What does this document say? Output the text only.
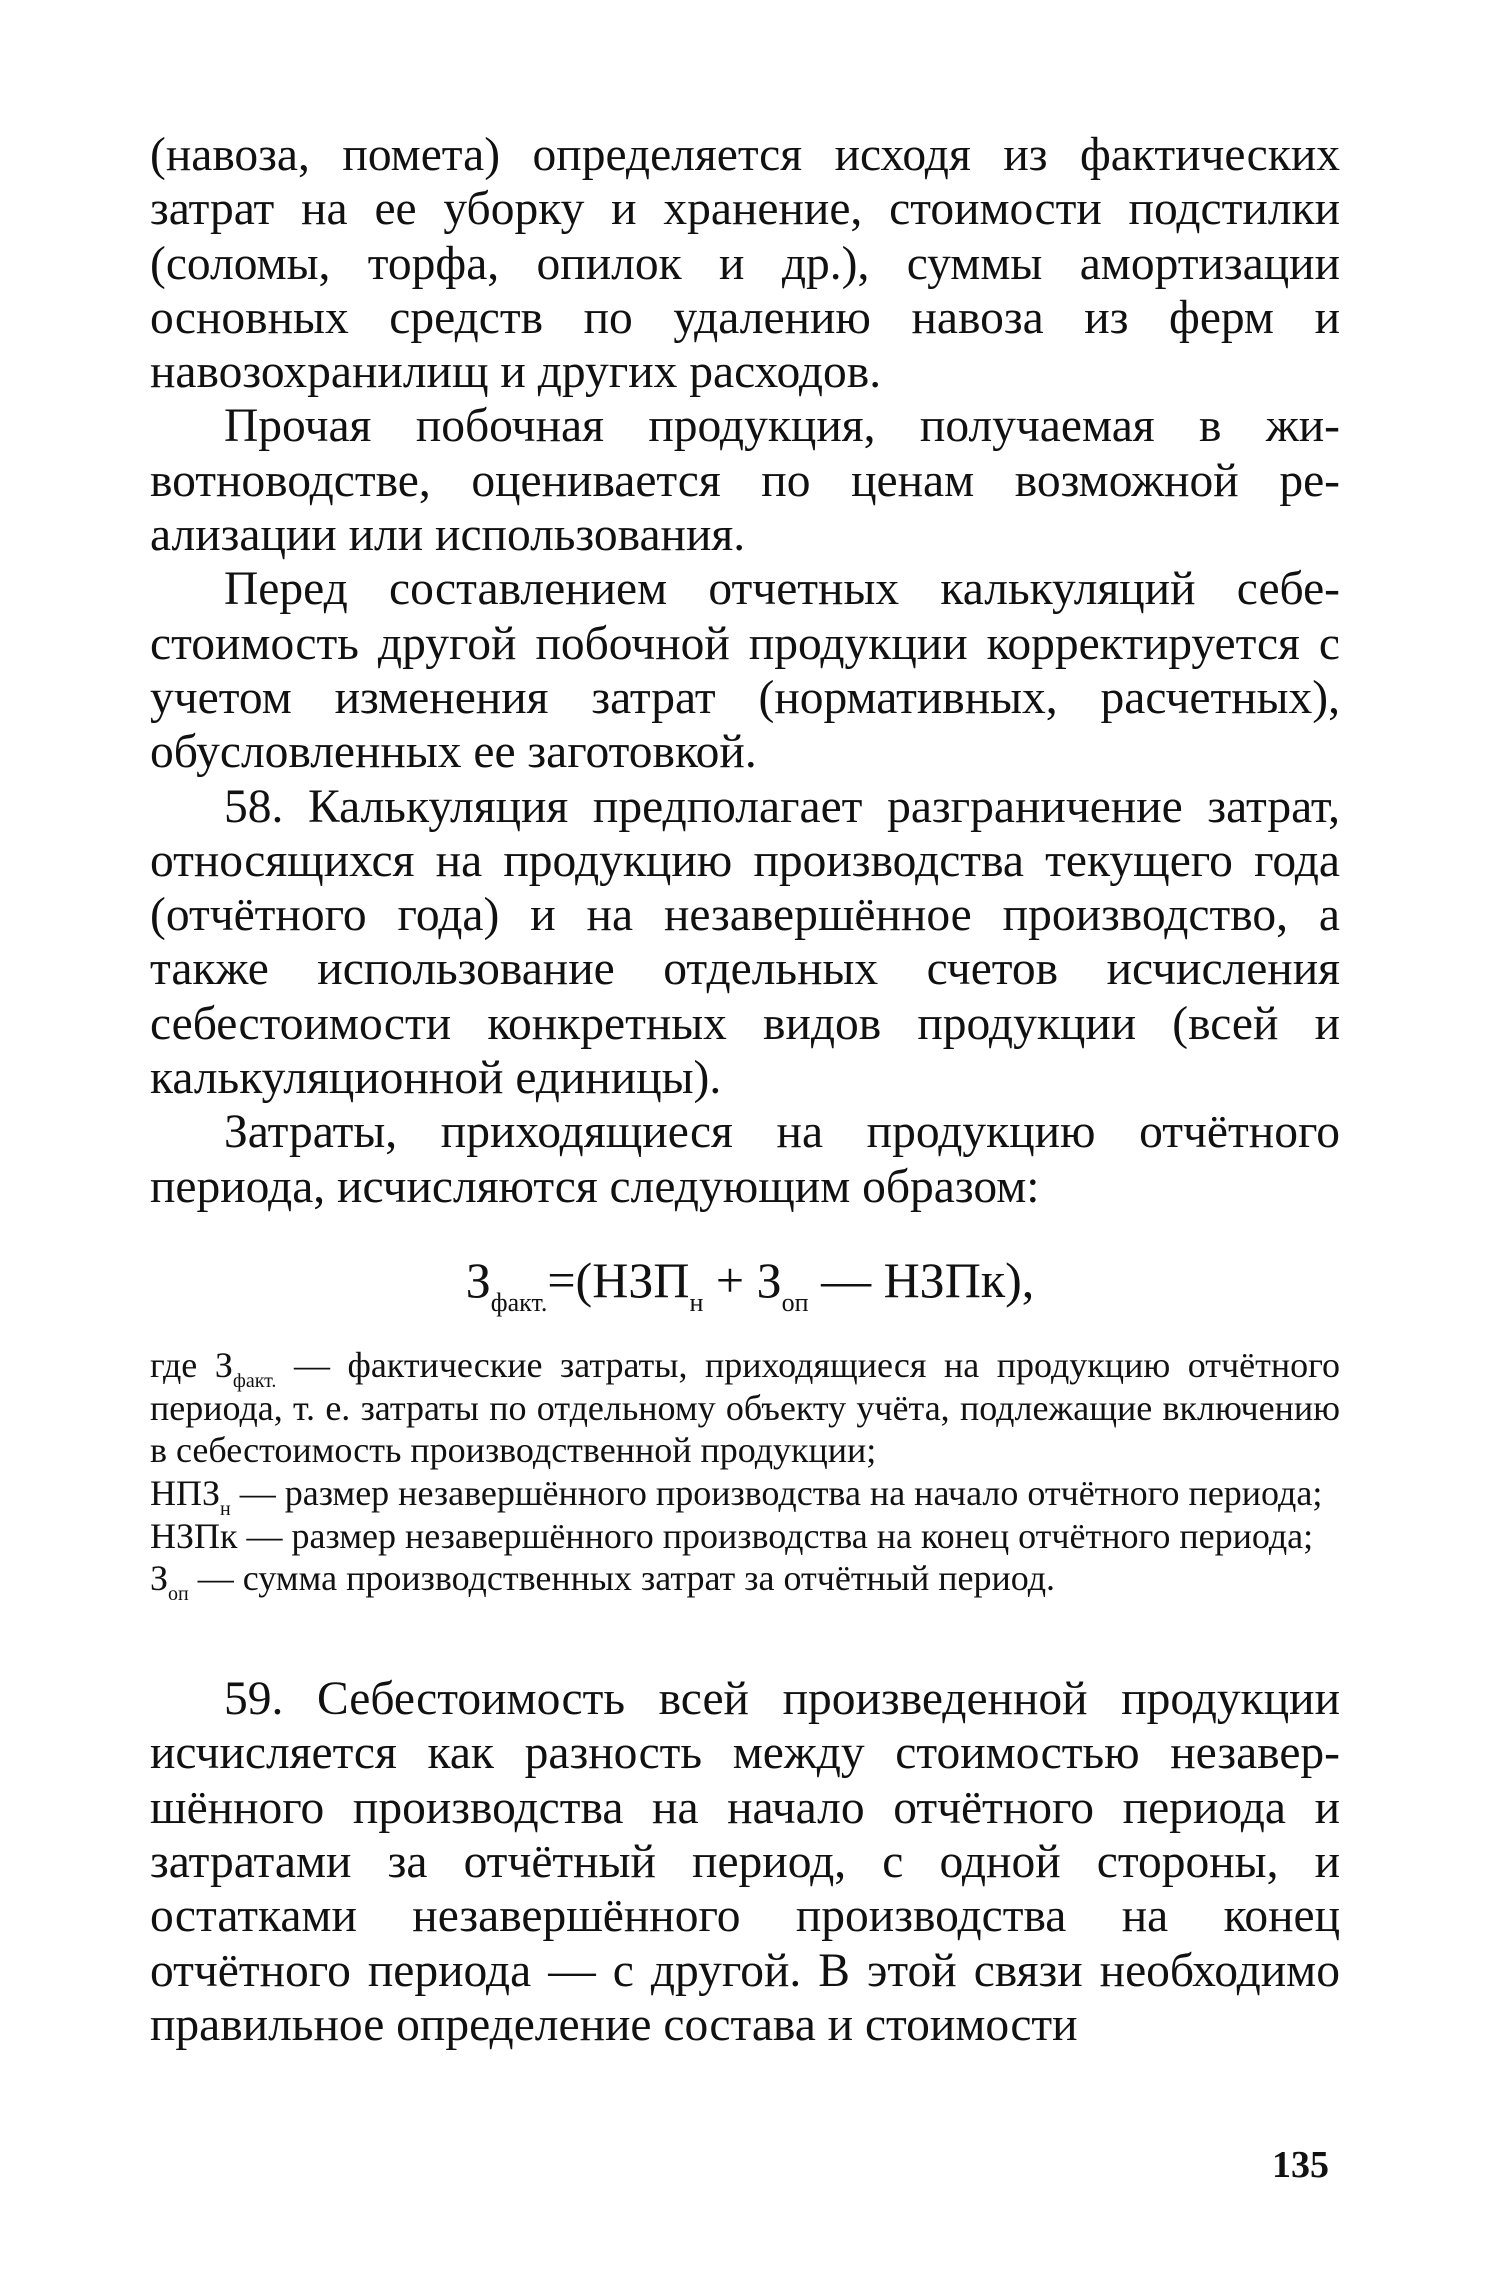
(навоза, помета) определяется исходя из фактических затрат на ее уборку и хранение, стоимости подстилки (соломы, торфа, опилок и др.), суммы амортизации основных средств по удалению навоза из ферм и навозохранилищ и других расходов.

Прочая побочная продукция, получаемая в животноводстве, оценивается по ценам возможной реализации или использования.

Перед составлением отчетных калькуляций себестоимость другой побочной продукции корректируется с учетом изменения затрат (нормативных, расчетных), обусловленных ее заготовкой.

58. Калькуляция предполагает разграничение затрат, относящихся на продукцию производства текущего года (отчётного года) и на незавершённое производство, а также использование отдельных счетов исчисления себестоимости конкретных видов продукции (всей и калькуляционной единицы).

Затраты, приходящиеся на продукцию отчётного периода, исчисляются следующим образом:

$З_{факт.}=(НЗП_н + З_{оп}$ — НЗПк),

где $З_{факт.}$ — фактические затраты, приходящиеся на продукцию отчётного периода, т. е. затраты по отдельному объекту учёта, подлежащие включению в себестоимость производственной продукции;

$НПЗ_н$ — размер незавершённого производства на начало отчётного периода;

НЗПк — размер незавершённого производства на конец отчётного периода;

$З_{оп}$ — сумма производственных затрат за отчётный период.

59. Себестоимость всей произведенной продукции исчисляется как разность между стоимостью незавершённого производства на начало отчётного периода и затратами за отчётный период, с одной стороны, и остатками незавершённого производства на конец отчётного периода — с другой. В этой связи необходимо правильное определение состава и стоимости

135
